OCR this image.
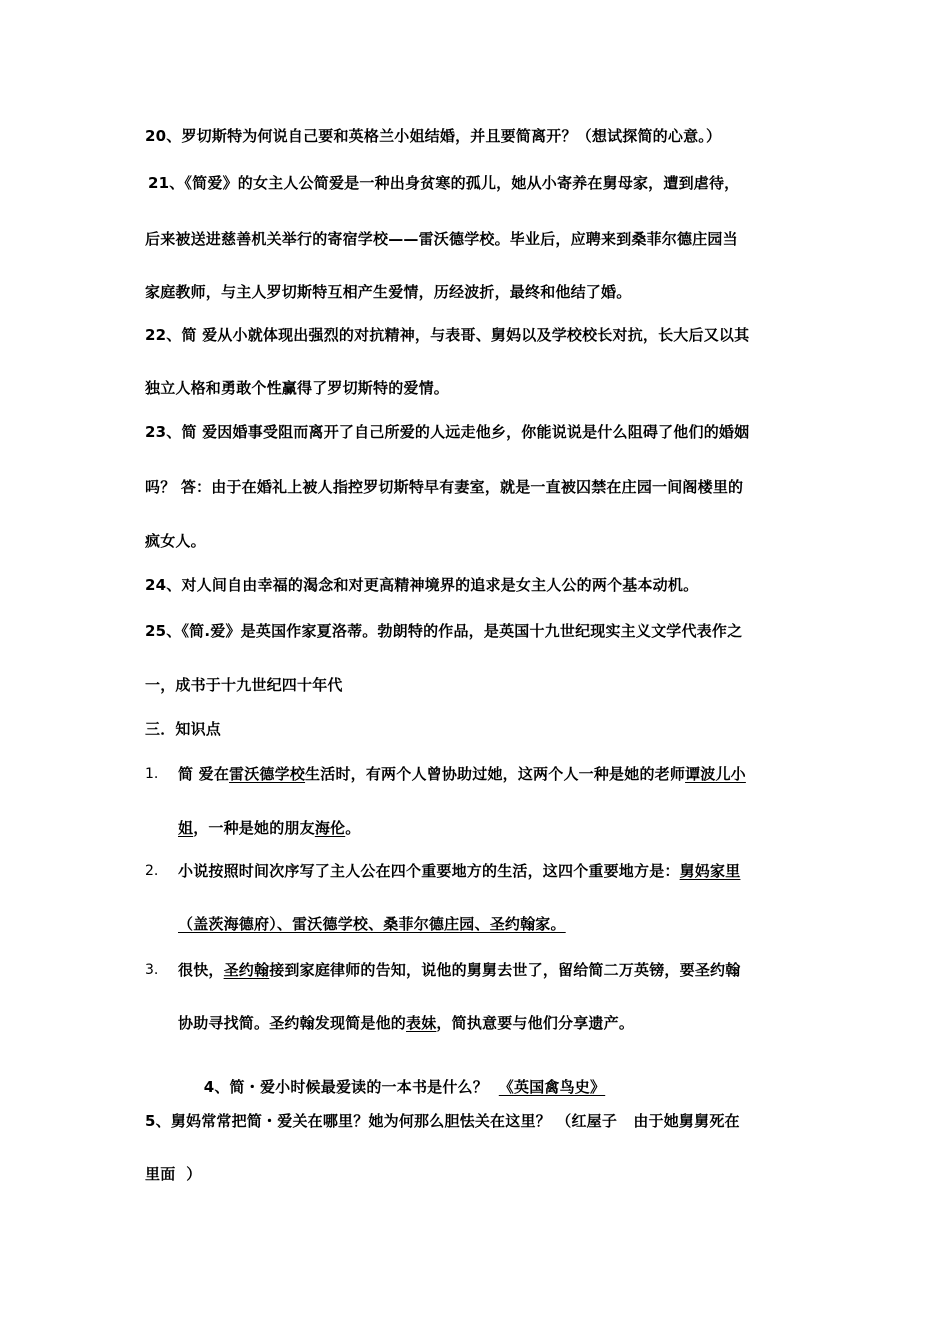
20、罗切斯特为何说自己要和英格兰小姐结婚，并且要简离开？（想试探简的心意。）
21、《简爱》的女主人公简爱是一种出身贫寒的孤儿，她从小寄养在舅母家，遭到虐待，
后来被送进慈善机关举行的寄宿学校——雷沃德学校。毕业后，应聘来到桑菲尔德庄园当
家庭教师，与主人罗切斯特互相产生爱情，历经波折，最终和他结了婚。
22、简 爱从小就体现出强烈的对抗精神，与表哥、舅妈以及学校校长对抗，长大后又以其
独立人格和勇敢个性赢得了罗切斯特的爱情。
23、简 爱因婚事受阻而离开了自己所爱的人远走他乡，你能说说是什么阻碍了他们的婚姻
吗？ 答：由于在婚礼上被人指控罗切斯特早有妻室，就是一直被囚禁在庄园一间阁楼里的
疯女人。
24、对人间自由幸福的渴念和对更高精神境界的追求是女主人公的两个基本动机。
25、《简.爱》是英国作家夏洛蒂。勃朗特的作品，是英国十九世纪现实主义文学代表作之
一，成书于十九世纪四十年代
三．知识点
1. 简 爱在雷沃德学校生活时，有两个人曾协助过她，这两个人一种是她的老师谭波儿小
姐，一种是她的朋友海伦。
2. 小说按照时间次序写了主人公在四个重要地方的生活，这四个重要地方是：舅妈家里
（盖茨海德府）、雷沃德学校、桑菲尔德庄园、圣约翰家。
3. 很快，圣约翰接到家庭律师的告知，说他的舅舅去世了，留给简二万英镑，要圣约翰
协助寻找简。圣约翰发现简是他的表妹，简执意要与他们分享遗产。

4、简・爱小时候最爱读的一本书是什么？  《英国禽鸟史》

5、舅妈常常把简・爱关在哪里？她为何那么胆怯关在这里？ （红屋子   由于她舅舅死在
里面  ）
